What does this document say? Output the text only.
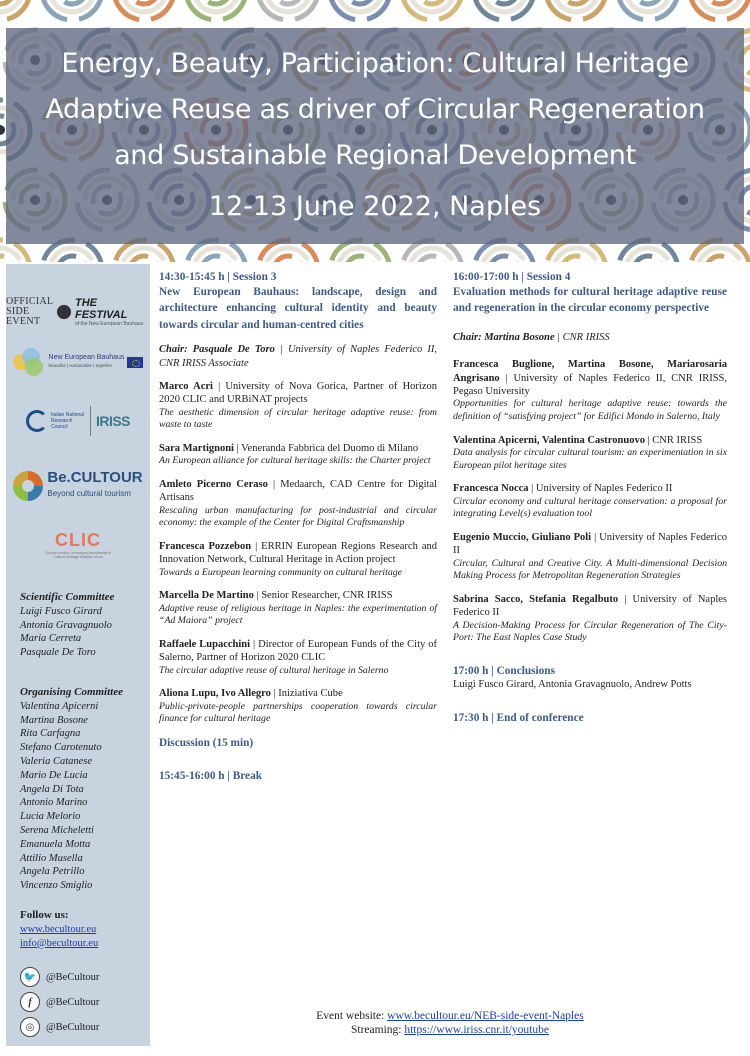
Energy, Beauty, Participation: Cultural Heritage
Adaptive Reuse as driver of Circular Regeneration
and Sustainable Regional Development
12-13 June 2022, Naples
OFFICIAL
SIDE
EVENT
THE FESTIVAL
of the New European Bauhaus
New European Bauhaus
beautiful | sustainable | together
Italian National Research Council	IRISS
Be.CULTOUR
Beyond cultural tourism
CLIC
Circular models Leveraging Investments in Cultural heritage adaptive reuse
Scientific Committee
Luigi Fusco Girard
Antonia Gravagnuolo
Maria Cerreta
Pasquale De Toro
Organising Committee
Valentina Apicerni
Martina Bosone
Rita Carfagna
Stefano Carotenuto
Valeria Catanese
Mario De Lucia
Angela Di Tota
Antonio Marino
Lucia Melorio
Serena Micheletti
Emanuela Motta
Attilio Musella
Angela Petrillo
Vincenzo Smiglio
Follow us:
www.becultour.eu
info@becultour.eu
🐦 @BeCultour
f	@BeCultour
◎	@BeCultour
14:30-15:45 h | Session 3
New European Bauhaus: landscape, design and architecture enhancing cultural identity and beauty towards circular and human-centred cities
Chair: Pasquale De Toro | University of Naples Federico II, CNR IRISS Associate
Marco Acri | University of Nova Gorica, Partner of Horizon 2020 CLIC and URBiNAT projects
The aesthetic dimension of circular heritage adaptive reuse: from waste to taste
Sara Martignoni | Veneranda Fabbrica del Duomo di Milano
An European alliance for cultural heritage skills: the Charter project
Amleto Picerno Ceraso | Medaarch, CAD Centre for Digital Artisans
Rescaling urban manufacturing for post-industrial and circular economy: the example of the Center for Digital Craftsmanship
Francesca Pozzebon | ERRIN European Regions Research and Innovation Network, Cultural Heritage in Action project
Towards a European learning community on cultural heritage
Marcella De Martino | Senior Researcher, CNR IRISS
Adaptive reuse of religious heritage in Naples: the experimentation of “Ad Maiora” project
Raffaele Lupacchini | Director of European Funds of the City of Salerno, Partner of Horizon 2020 CLIC
The circular adaptive reuse of cultural heritage in Salerno
Aliona Lupu, Ivo Allegro | Iniziativa Cube
Public-private-people partnerships cooperation towards circular finance for cultural heritage
Discussion (15 min)
15:45-16:00 h | Break
16:00-17:00 h | Session 4
Evaluation methods for cultural heritage adaptive reuse and regeneration in the circular economy perspective
Chair: Martina Bosone | CNR IRISS
Francesca Buglione, Martina Bosone, Mariarosaria Angrisano | University of Naples Federico II, CNR IRISS, Pegaso University
Opportunities for cultural heritage adaptive reuse: towards the definition of “satisfying project” for Edifici Mondo in Salerno, Italy
Valentina Apicerni, Valentina Castronuovo | CNR IRISS
Data analysis for circular cultural tourism: an experimentation in six European pilot heritage sites
Francesca Nocca | University of Naples Federico II
Circular economy and cultural heritage conservation: a proposal for integrating Level(s) evaluation tool
Eugenio Muccio, Giuliano Poli | University of Naples Federico II
Circular, Cultural and Creative City. A Multi-dimensional Decision Making Process for Metropolitan Regeneration Strategies
Sabrina Sacco, Stefania Regalbuto | University of Naples Federico II
A Decision-Making Process for Circular Regeneration of The City-Port: The East Naples Case Study
17:00 h | Conclusions
Luigi Fusco Girard, Antonia Gravagnuolo, Andrew Potts
17:30 h | End of conference
Event website: www.becultour.eu/NEB-side-event-Naples
Streaming: https://www.iriss.cnr.it/youtube
